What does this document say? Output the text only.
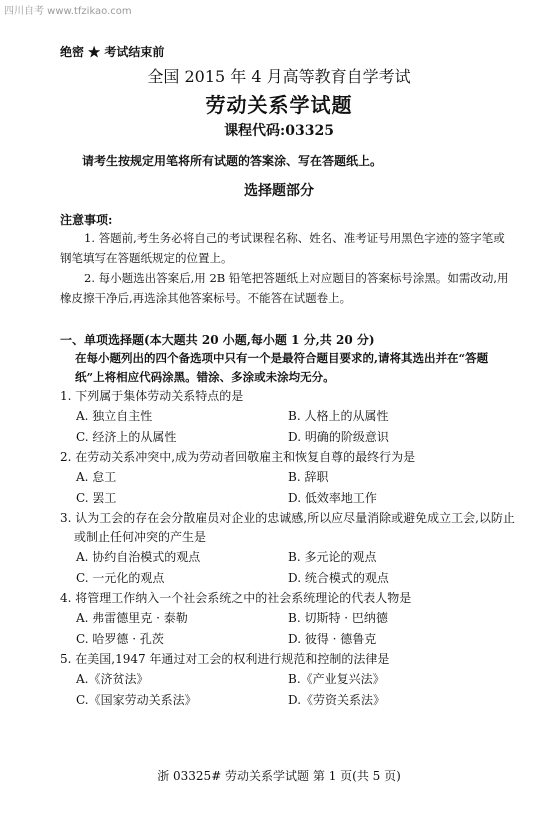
四川自考 www.tfzikao.com
绝密 ★ 考试结束前
全国 2015 年 4 月高等教育自学考试
劳动关系学试题
课程代码:03325
请考生按规定用笔将所有试题的答案涂、写在答题纸上。
选择题部分
注意事项:
1. 答题前,考生务必将自己的考试课程名称、姓名、准考证号用黑色字迹的签字笔或钢笔填写在答题纸规定的位置上。
2. 每小题选出答案后,用 2B 铅笔把答题纸上对应题目的答案标号涂黑。如需改动,用橡皮擦干净后,再选涂其他答案标号。不能答在试题卷上。
一、单项选择题(本大题共 20 小题,每小题 1 分,共 20 分)
在每小题列出的四个备选项中只有一个是最符合题目要求的,请将其选出并在“答题纸”上将相应代码涂黑。错涂、多涂或未涂均无分。
1. 下列属于集体劳动关系特点的是
A. 独立自主性	B. 人格上的从属性
C. 经济上的从属性	D. 明确的阶级意识
2. 在劳动关系冲突中,成为劳动者回敬雇主和恢复自尊的最终行为是
A. 怠工	B. 辞职
C. 罢工	D. 低效率地工作
3. 认为工会的存在会分散雇员对企业的忠诚感,所以应尽量消除或避免成立工会,以防止
或制止任何冲突的产生是
A. 协约自治模式的观点	B. 多元论的观点
C. 一元化的观点	D. 统合模式的观点
4. 将管理工作纳入一个社会系统之中的社会系统理论的代表人物是
A. 弗雷德里克 · 泰勒	B. 切斯特 · 巴纳德
C. 哈罗德 · 孔茨	D. 彼得 · 德鲁克
5. 在美国,1947 年通过对工会的权利进行规范和控制的法律是
A.《济贫法》	B.《产业复兴法》
C.《国家劳动关系法》	D.《劳资关系法》
浙 03325# 劳动关系学试题 第 1 页(共 5 页)
